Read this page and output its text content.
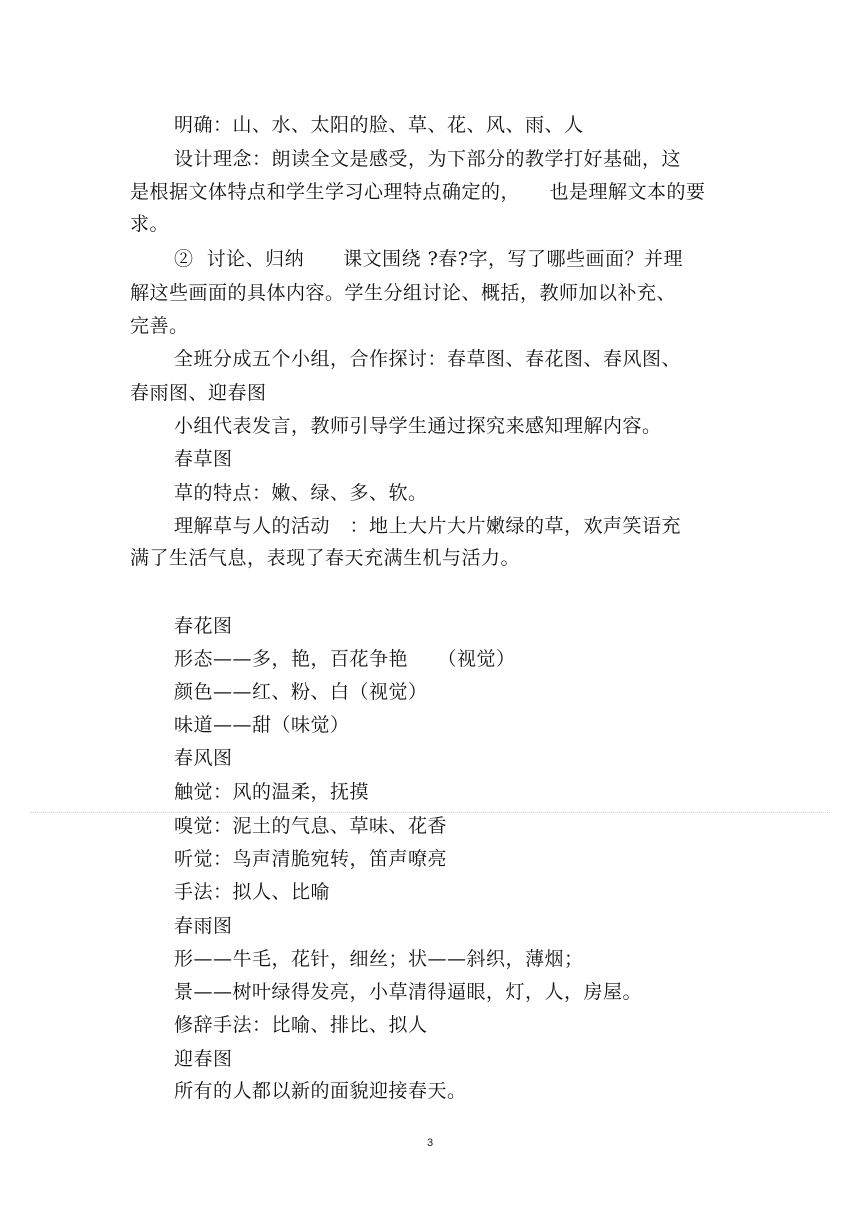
明确：山、水、太阳的脸、草、花、风、雨、人
设计理念：朗读全文是感受，为下部分的教学打好基础，这
是根据文体特点和学生学习心理特点确定的，　　也是理解文本的要
求。
②  讨论、归纳　　课文围绕 ?春?字，写了哪些画面？并理
解这些画面的具体内容。学生分组讨论、概括，教师加以补充、
完善。
全班分成五个小组，合作探讨：春草图、春花图、春风图、
春雨图、迎春图
小组代表发言，教师引导学生通过探究来感知理解内容。
春草图
草的特点：嫩、绿、多、软。
理解草与人的活动　：地上大片大片嫩绿的草，欢声笑语充
满了生活气息，表现了春天充满生机与活力。
春花图
形态——多，艳，百花争艳　　（视觉）
颜色——红、粉、白（视觉）
味道——甜（味觉）
春风图
触觉：风的温柔，抚摸
嗅觉：泥土的气息、草味、花香
听觉：鸟声清脆宛转，笛声嘹亮
手法：拟人、比喻
春雨图
形——牛毛，花针，细丝；状——斜织，薄烟；
景——树叶绿得发亮，小草清得逼眼，灯，人，房屋。
修辞手法：比喻、排比、拟人
迎春图
所有的人都以新的面貌迎接春天。
3
